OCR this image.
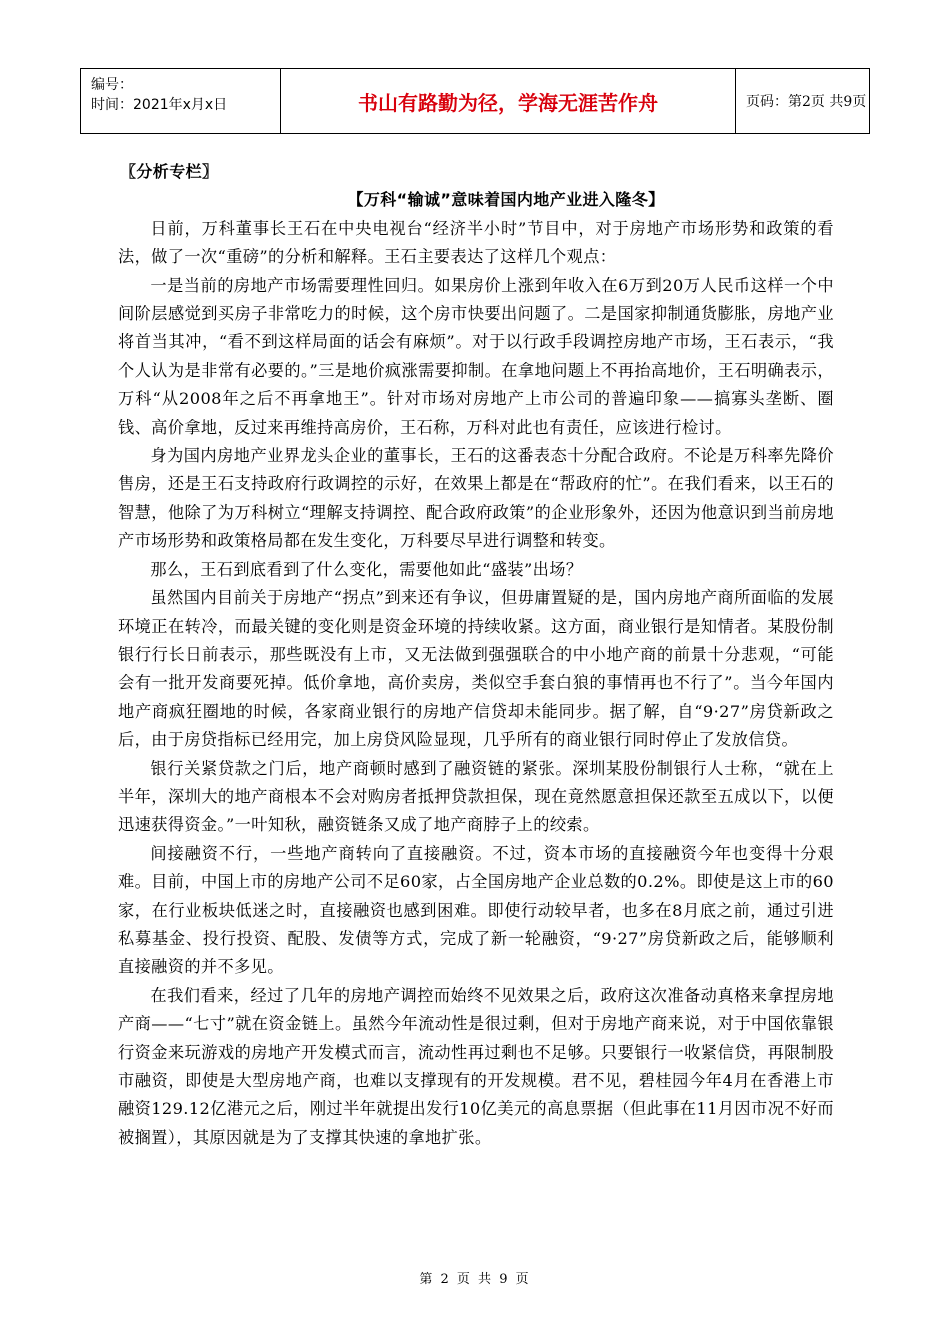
编号：
时间：2021年x月x日	书山有路勤为径，学海无涯苦作舟	页码：第2页 共9页

〖分析专栏〗

【万科“输诚”意味着国内地产业进入隆冬】

日前，万科董事长王石在中央电视台“经济半小时”节目中，对于房地产市场形势和政策的看法，做了一次“重磅”的分析和解释。王石主要表达了这样几个观点：

一是当前的房地产市场需要理性回归。如果房价上涨到年收入在6万到20万人民币这样一个中间阶层感觉到买房子非常吃力的时候，这个房市快要出问题了。二是国家抑制通货膨胀，房地产业将首当其冲，“看不到这样局面的话会有麻烦”。对于以行政手段调控房地产市场，王石表示，“我个人认为是非常有必要的。”三是地价疯涨需要抑制。在拿地问题上不再抬高地价，王石明确表示，万科“从2008年之后不再拿地王”。针对市场对房地产上市公司的普遍印象——搞寡头垄断、圈钱、高价拿地，反过来再维持高房价，王石称，万科对此也有责任，应该进行检讨。

身为国内房地产业界龙头企业的董事长，王石的这番表态十分配合政府。不论是万科率先降价售房，还是王石支持政府行政调控的示好，在效果上都是在“帮政府的忙”。在我们看来，以王石的智慧，他除了为万科树立“理解支持调控、配合政府政策”的企业形象外，还因为他意识到当前房地产市场形势和政策格局都在发生变化，万科要尽早进行调整和转变。

那么，王石到底看到了什么变化，需要他如此“盛装”出场？

虽然国内目前关于房地产“拐点”到来还有争议，但毋庸置疑的是，国内房地产商所面临的发展环境正在转冷，而最关键的变化则是资金环境的持续收紧。这方面，商业银行是知情者。某股份制银行行长日前表示，那些既没有上市，又无法做到强强联合的中小地产商的前景十分悲观，“可能会有一批开发商要死掉。低价拿地，高价卖房，类似空手套白狼的事情再也不行了”。当今年国内地产商疯狂圈地的时候，各家商业银行的房地产信贷却未能同步。据了解，自“9·27”房贷新政之后，由于房贷指标已经用完，加上房贷风险显现，几乎所有的商业银行同时停止了发放信贷。

银行关紧贷款之门后，地产商顿时感到了融资链的紧张。深圳某股份制银行人士称，“就在上半年，深圳大的地产商根本不会对购房者抵押贷款担保，现在竟然愿意担保还款至五成以下，以便迅速获得资金。”一叶知秋，融资链条又成了地产商脖子上的绞索。

间接融资不行，一些地产商转向了直接融资。不过，资本市场的直接融资今年也变得十分艰难。目前，中国上市的房地产公司不足60家，占全国房地产企业总数的0.2%。即使是这上市的60家，在行业板块低迷之时，直接融资也感到困难。即使行动较早者，也多在8月底之前，通过引进私募基金、投行投资、配股、发债等方式，完成了新一轮融资，“9·27”房贷新政之后，能够顺利直接融资的并不多见。

在我们看来，经过了几年的房地产调控而始终不见效果之后，政府这次准备动真格来拿捏房地产商——“七寸”就在资金链上。虽然今年流动性是很过剩，但对于房地产商来说，对于中国依靠银行资金来玩游戏的房地产开发模式而言，流动性再过剩也不足够。只要银行一收紧信贷，再限制股市融资，即使是大型房地产商，也难以支撑现有的开发规模。君不见，碧桂园今年4月在香港上市融资129.12亿港元之后，刚过半年就提出发行10亿美元的高息票据（但此事在11月因市况不好而被搁置），其原因就是为了支撑其快速的拿地扩张。

第 2 页 共 9 页
